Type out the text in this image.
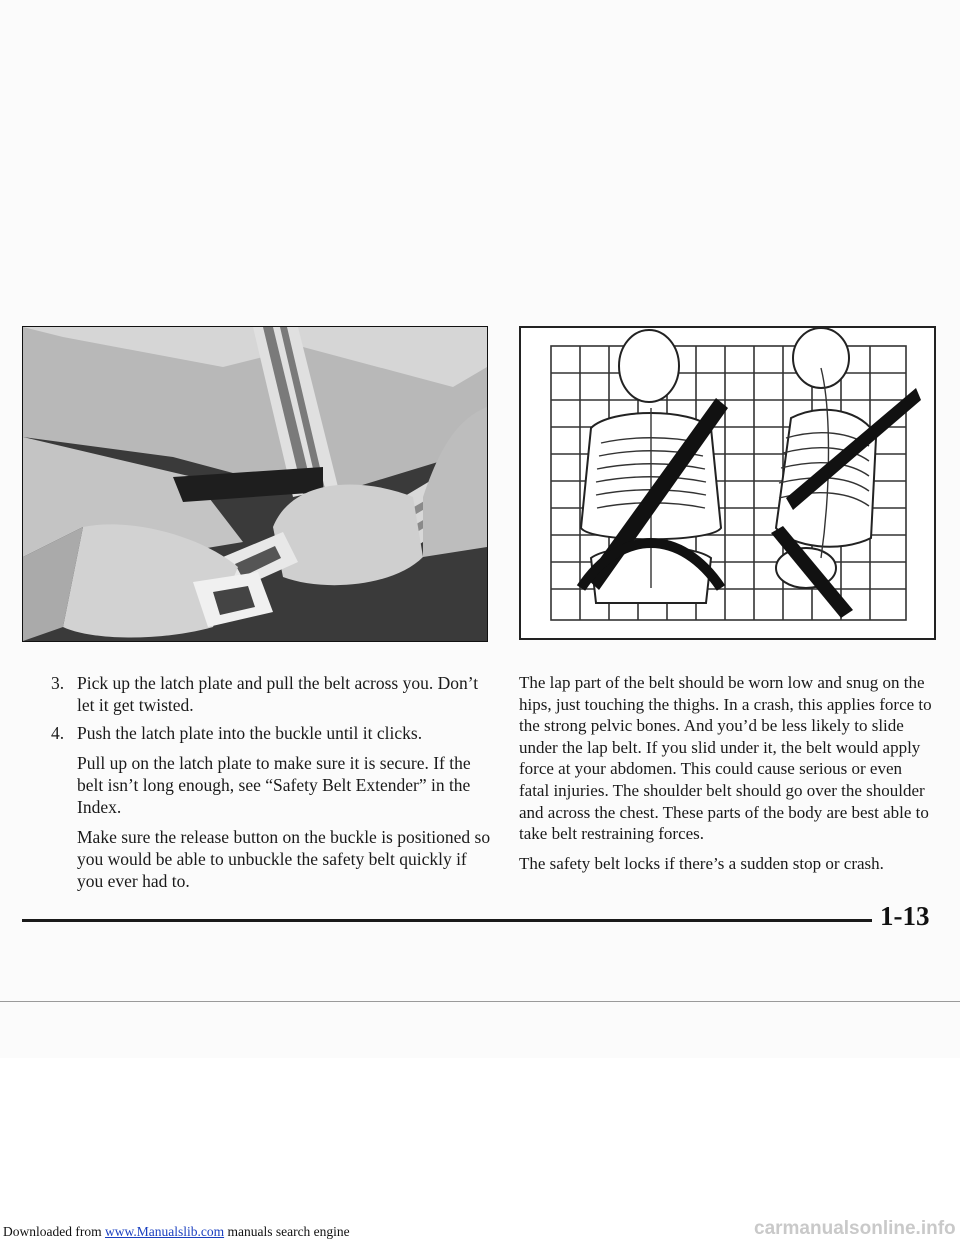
3. Pick up the latch plate and pull the belt across you. Don’t let it get twisted.
4. Push the latch plate into the buckle until it clicks.
Pull up on the latch plate to make sure it is secure. If the belt isn’t long enough, see “Safety Belt Extender” in the Index.
Make sure the release button on the buckle is positioned so you would be able to unbuckle the safety belt quickly if you ever had to.
The lap part of the belt should be worn low and snug on the hips, just touching the thighs. In a crash, this applies force to the strong pelvic bones. And you’d be less likely to slide under the lap belt. If you slid under it, the belt would apply force at your abdomen. This could cause serious or even fatal injuries. The shoulder belt should go over the shoulder and across the chest. These parts of the body are best able to take belt restraining forces.
The safety belt locks if there’s a sudden stop or crash.
1-13
Downloaded from www.Manualslib.com manuals search engine	carmanualsonline.info
